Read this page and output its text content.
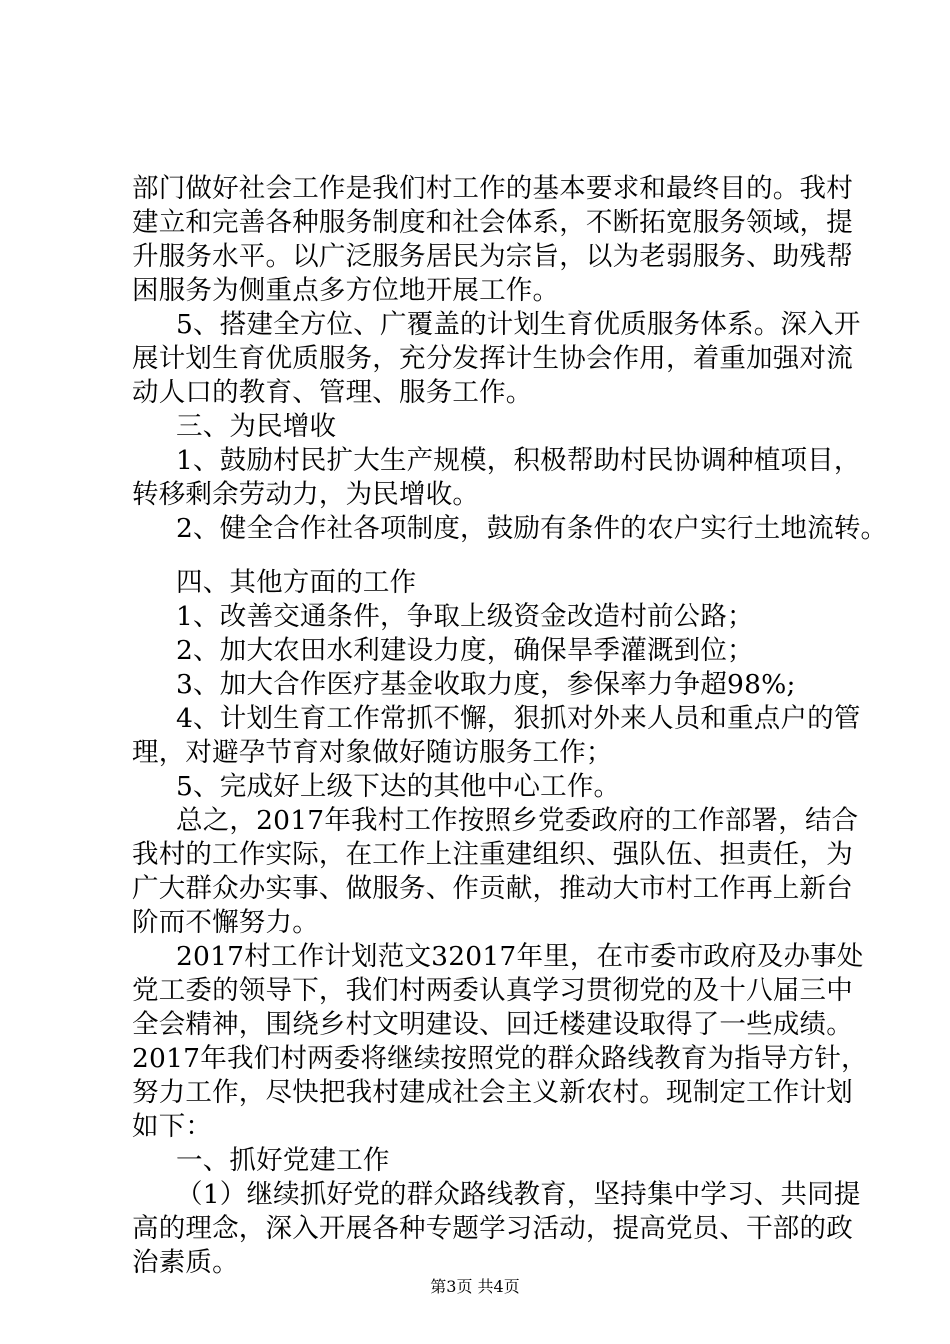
部门做好社会工作是我们村工作的基本要求和最终目的。我村
建立和完善各种服务制度和社会体系，不断拓宽服务领域，提
升服务水平。以广泛服务居民为宗旨，以为老弱服务、助残帮
困服务为侧重点多方位地开展工作。
5、搭建全方位、广覆盖的计划生育优质服务体系。深入开
展计划生育优质服务，充分发挥计生协会作用，着重加强对流
动人口的教育、管理、服务工作。
三、为民增收
1、鼓励村民扩大生产规模，积极帮助村民协调种植项目，
转移剩余劳动力，为民增收。
2、健全合作社各项制度，鼓励有条件的农户实行土地流转。
四、其他方面的工作
1、改善交通条件，争取上级资金改造村前公路；
2、加大农田水利建设力度，确保旱季灌溉到位；
3、加大合作医疗基金收取力度，参保率力争超98%;
4、计划生育工作常抓不懈，狠抓对外来人员和重点户的管
理，对避孕节育对象做好随访服务工作；
5、完成好上级下达的其他中心工作。
总之，2017年我村工作按照乡党委政府的工作部署，结合
我村的工作实际，在工作上注重建组织、强队伍、担责任，为
广大群众办实事、做服务、作贡献，推动大市村工作再上新台
阶而不懈努力。
2017村工作计划范文32017年里，在市委市政府及办事处
党工委的领导下，我们村两委认真学习贯彻党的及十八届三中
全会精神，围绕乡村文明建设、回迁楼建设取得了一些成绩。
2017年我们村两委将继续按照党的群众路线教育为指导方针，
努力工作，尽快把我村建成社会主义新农村。现制定工作计划
如下：
一、抓好党建工作
（1）继续抓好党的群众路线教育，坚持集中学习、共同提
高的理念，深入开展各种专题学习活动，提高党员、干部的政
治素质。
第3页 共4页
